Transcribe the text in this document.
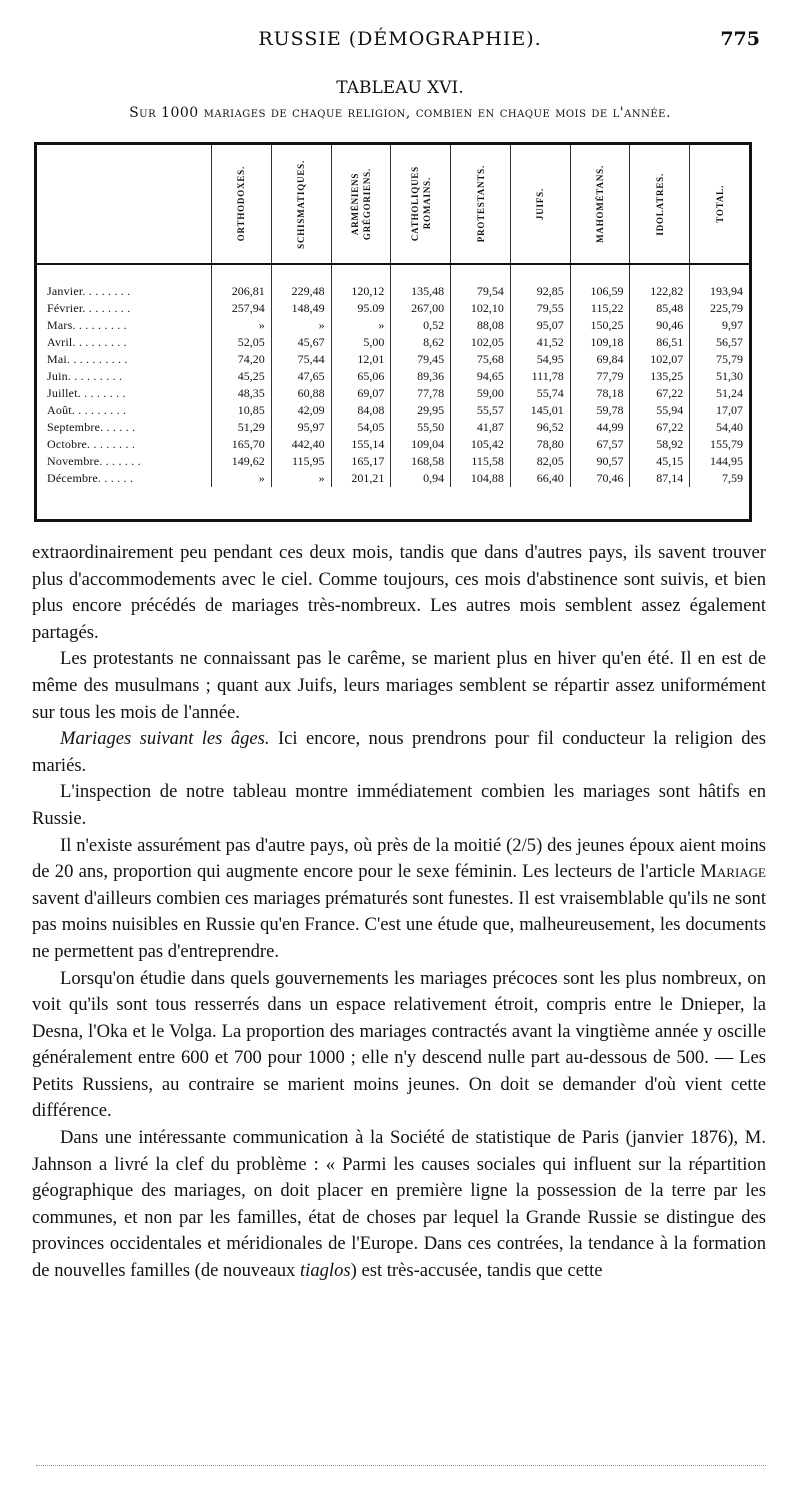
RUSSIE (DÉMOGRAPHIE).	775
TABLEAU XVI.
Sur 1000 mariages de chaque religion, combien en chaque mois de l'année.

	ORTHODOXES.	SCHISMATIQUES.	ARMÉNIENS
GRÉGORIENS.	CATHOLIQUES
ROMAINS.	PROTESTANTS.	JUIFS.	MAHOMÉTANS.	IDOLATRES.	TOTAL.

Janvier. . . . . . . .	206,81	229,48	120,12	135,48	79,54	92,85	106,59	122,82	193,94
Février. . . . . . . .	257,94	148,49	95.09	267,00	102,10	79,55	115,22	85,48	225,79
Mars. . . . . . . . .	»	»	»	0,52	88,08	95,07	150,25	90,46	9,97
Avril. . . . . . . . .	52,05	45,67	5,00	8,62	102,05	41,52	109,18	86,51	56,57
Mai. . . . . . . . . .	74,20	75,44	12,01	79,45	75,68	54,95	69,84	102,07	75,79
Juin. . . . . . . . .	45,25	47,65	65,06	89,36	94,65	111,78	77,79	135,25	51,30
Juillet. . . . . . . .	48,35	60,88	69,07	77,78	59,00	55,74	78,18	67,22	51,24
Août. . . . . . . . .	10,85	42,09	84,08	29,95	55,57	145,01	59,78	55,94	17,07
Septembre. . . . . .	51,29	95,97	54,05	55,50	41,87	96,52	44,99	67,22	54,40
Octobre. . . . . . . .	165,70	442,40	155,14	109,04	105,42	78,80	67,57	58,92	155,79
Novembre. . . . . . .	149,62	115,95	165,17	168,58	115,58	82,05	90,57	45,15	144,95
Décembre. . . . . .	»	»	201,21	0,94	104,88	66,40	70,46	87,14	7,59

extraordinairement peu pendant ces deux mois, tandis que dans d'autres pays, ils savent trouver plus d'accommodements avec le ciel. Comme toujours, ces mois d'abstinence sont suivis, et bien plus encore précédés de mariages très-nombreux. Les autres mois semblent assez également partagés.

Les protestants ne connaissant pas le carême, se marient plus en hiver qu'en été. Il en est de même des musulmans ; quant aux Juifs, leurs mariages semblent se répartir assez uniformément sur tous les mois de l'année.

Mariages suivant les âges. Ici encore, nous prendrons pour fil conducteur la religion des mariés.

L'inspection de notre tableau montre immédiatement combien les mariages sont hâtifs en Russie.

Il n'existe assurément pas d'autre pays, où près de la moitié (2/5) des jeunes époux aient moins de 20 ans, proportion qui augmente encore pour le sexe féminin. Les lecteurs de l'article Mariage savent d'ailleurs combien ces mariages prématurés sont funestes. Il est vraisemblable qu'ils ne sont pas moins nuisibles en Russie qu'en France. C'est une étude que, malheureusement, les documents ne permettent pas d'entreprendre.

Lorsqu'on étudie dans quels gouvernements les mariages précoces sont les plus nombreux, on voit qu'ils sont tous resserrés dans un espace relativement étroit, compris entre le Dnieper, la Desna, l'Oka et le Volga. La proportion des mariages contractés avant la vingtième année y oscille généralement entre 600 et 700 pour 1000 ; elle n'y descend nulle part au-dessous de 500. — Les Petits Russiens, au contraire se marient moins jeunes. On doit se demander d'où vient cette différence.

Dans une intéressante communication à la Société de statistique de Paris (janvier 1876), M. Jahnson a livré la clef du problème : « Parmi les causes sociales qui influent sur la répartition géographique des mariages, on doit placer en première ligne la possession de la terre par les communes, et non par les familles, état de choses par lequel la Grande Russie se distingue des provinces occidentales et méridionales de l'Europe. Dans ces contrées, la tendance à la formation de nouvelles familles (de nouveaux tiaglos) est très-accusée, tandis que cette
